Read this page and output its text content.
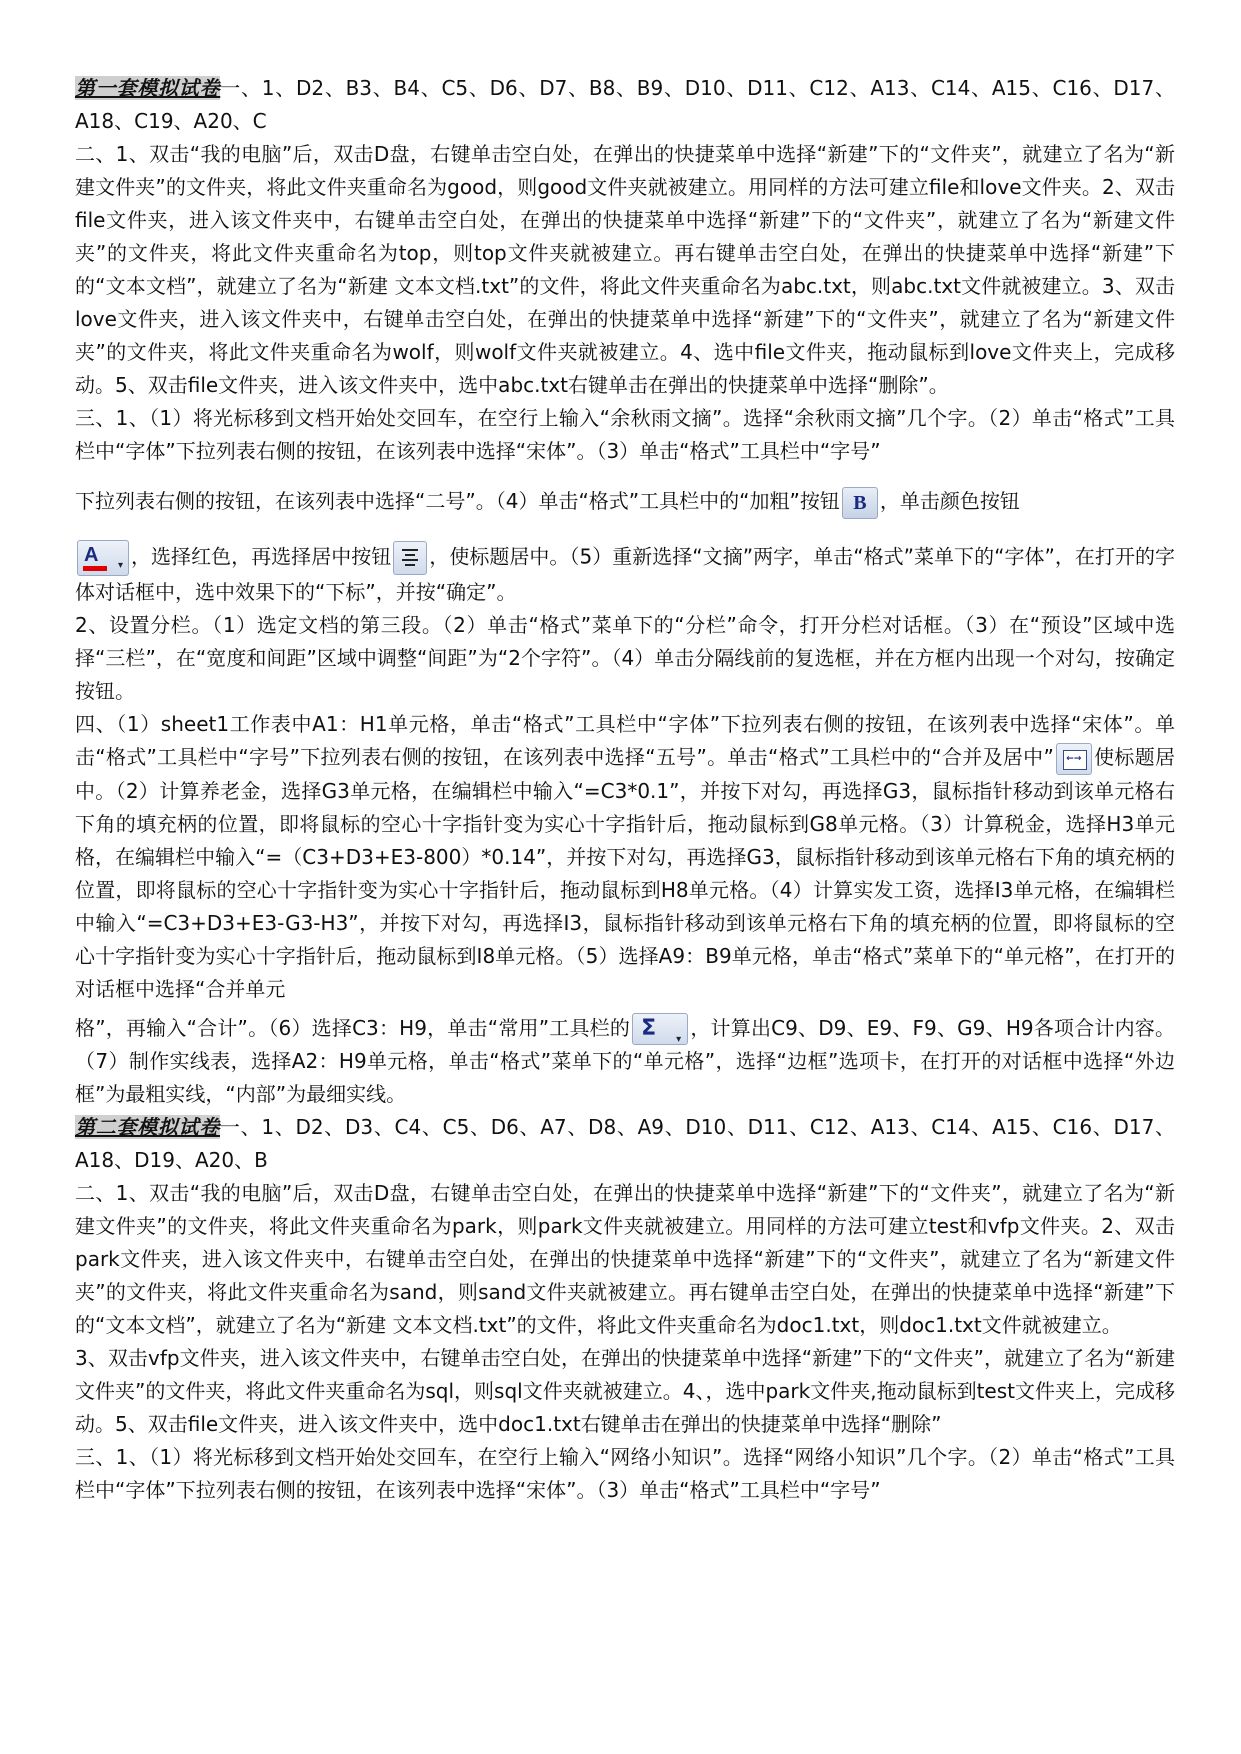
第一套模拟试卷一、1、D2、B3、B4、C5、D6、D7、B8、B9、D10、D11、C12、A13、C14、A15、C16、D17、A18、C19、A20、C

二、1、双击“我的电脑”后，双击D盘，右键单击空白处，在弹出的快捷菜单中选择“新建”下的“文件夹”，就建立了名为“新建文件夹”的文件夹，将此文件夹重命名为good，则good文件夹就被建立。用同样的方法可建立file和love文件夹。2、双击file文件夹，进入该文件夹中，右键单击空白处，在弹出的快捷菜单中选择“新建”下的“文件夹”，就建立了名为“新建文件夹”的文件夹，将此文件夹重命名为top，则top文件夹就被建立。再右键单击空白处，在弹出的快捷菜单中选择“新建”下的“文本文档”，就建立了名为“新建 文本文档.txt”的文件，将此文件夹重命名为abc.txt，则abc.txt文件就被建立。3、双击love文件夹，进入该文件夹中，右键单击空白处，在弹出的快捷菜单中选择“新建”下的“文件夹”，就建立了名为“新建文件夹”的文件夹，将此文件夹重命名为wolf，则wolf文件夹就被建立。4、选中file文件夹，拖动鼠标到love文件夹上，完成移动。5、双击file文件夹，进入该文件夹中，选中abc.txt右键单击在弹出的快捷菜单中选择“删除”。

三、1、（1）将光标移到文档开始处交回车，在空行上输入“余秋雨文摘”。选择“余秋雨文摘”几个字。（2）单击“格式”工具栏中“字体”下拉列表右侧的按钮，在该列表中选择“宋体”。（3）单击“格式”工具栏中“字号”

下拉列表右侧的按钮，在该列表中选择“二号”。（4）单击“格式”工具栏中的“加粗”按钮 B ，单击颜色按钮

A ▾ ，选择红色，再选择居中按钮 ，使标题居中。（5）重新选择“文摘”两字，单击“格式”菜单下的“字体”，在打开的字体对话框中，选中效果下的“下标”，并按“确定”。

2、设置分栏。（1）选定文档的第三段。（2）单击“格式”菜单下的“分栏”命令，打开分栏对话框。（3）在“预设”区域中选择“三栏”，在“宽度和间距”区域中调整“间距”为“2个字符”。（4）单击分隔线前的复选框，并在方框内出现一个对勾，按确定按钮。

四、（1）sheet1工作表中A1：H1单元格，单击“格式”工具栏中“字体”下拉列表右侧的按钮，在该列表中选择“宋体”。单击“格式”工具栏中“字号”下拉列表右侧的按钮，在该列表中选择“五号”。单击“格式”工具栏中的“合并及居中” ←→ 使标题居中。（2）计算养老金，选择G3单元格，在编辑栏中输入“=C3*0.1”，并按下对勾，再选择G3，鼠标指针移动到该单元格右下角的填充柄的位置，即将鼠标的空心十字指针变为实心十字指针后，拖动鼠标到G8单元格。（3）计算税金，选择H3单元格，在编辑栏中输入“=（C3+D3+E3-800）*0.14”，并按下对勾，再选择G3，鼠标指针移动到该单元格右下角的填充柄的位置，即将鼠标的空心十字指针变为实心十字指针后，拖动鼠标到H8单元格。（4）计算实发工资，选择I3单元格，在编辑栏中输入“=C3+D3+E3-G3-H3”，并按下对勾，再选择I3，鼠标指针移动到该单元格右下角的填充柄的位置，即将鼠标的空心十字指针变为实心十字指针后，拖动鼠标到I8单元格。（5）选择A9：B9单元格，单击“格式”菜单下的“单元格”，在打开的对话框中选择“合并单元

格”，再输入“合计”。（6）选择C3：H9，单击“常用”工具栏的 Σ ▾ ，计算出C9、D9、E9、F9、G9、H9各项合计内容。（7）制作实线表，选择A2：H9单元格，单击“格式”菜单下的“单元格”，选择“边框”选项卡，在打开的对话框中选择“外边框”为最粗实线，“内部”为最细实线。

第二套模拟试卷一、1、D2、D3、C4、C5、D6、A7、D8、A9、D10、D11、C12、A13、C14、A15、C16、D17、A18、D19、A20、B

二、1、双击“我的电脑”后，双击D盘，右键单击空白处，在弹出的快捷菜单中选择“新建”下的“文件夹”，就建立了名为“新建文件夹”的文件夹，将此文件夹重命名为park，则park文件夹就被建立。用同样的方法可建立test和vfp文件夹。2、双击park文件夹，进入该文件夹中，右键单击空白处，在弹出的快捷菜单中选择“新建”下的“文件夹”，就建立了名为“新建文件夹”的文件夹，将此文件夹重命名为sand，则sand文件夹就被建立。再右键单击空白处，在弹出的快捷菜单中选择“新建”下的“文本文档”，就建立了名为“新建 文本文档.txt”的文件，将此文件夹重命名为doc1.txt，则doc1.txt文件就被建立。

3、双击vfp文件夹，进入该文件夹中，右键单击空白处，在弹出的快捷菜单中选择“新建”下的“文件夹”，就建立了名为“新建文件夹”的文件夹，将此文件夹重命名为sql，则sql文件夹就被建立。4、，选中park文件夹,拖动鼠标到test文件夹上，完成移动。5、双击file文件夹，进入该文件夹中，选中doc1.txt右键单击在弹出的快捷菜单中选择“删除”

三、1、（1）将光标移到文档开始处交回车，在空行上输入“网络小知识”。选择“网络小知识”几个字。（2）单击“格式”工具栏中“字体”下拉列表右侧的按钮，在该列表中选择“宋体”。（3）单击“格式”工具栏中“字号”
